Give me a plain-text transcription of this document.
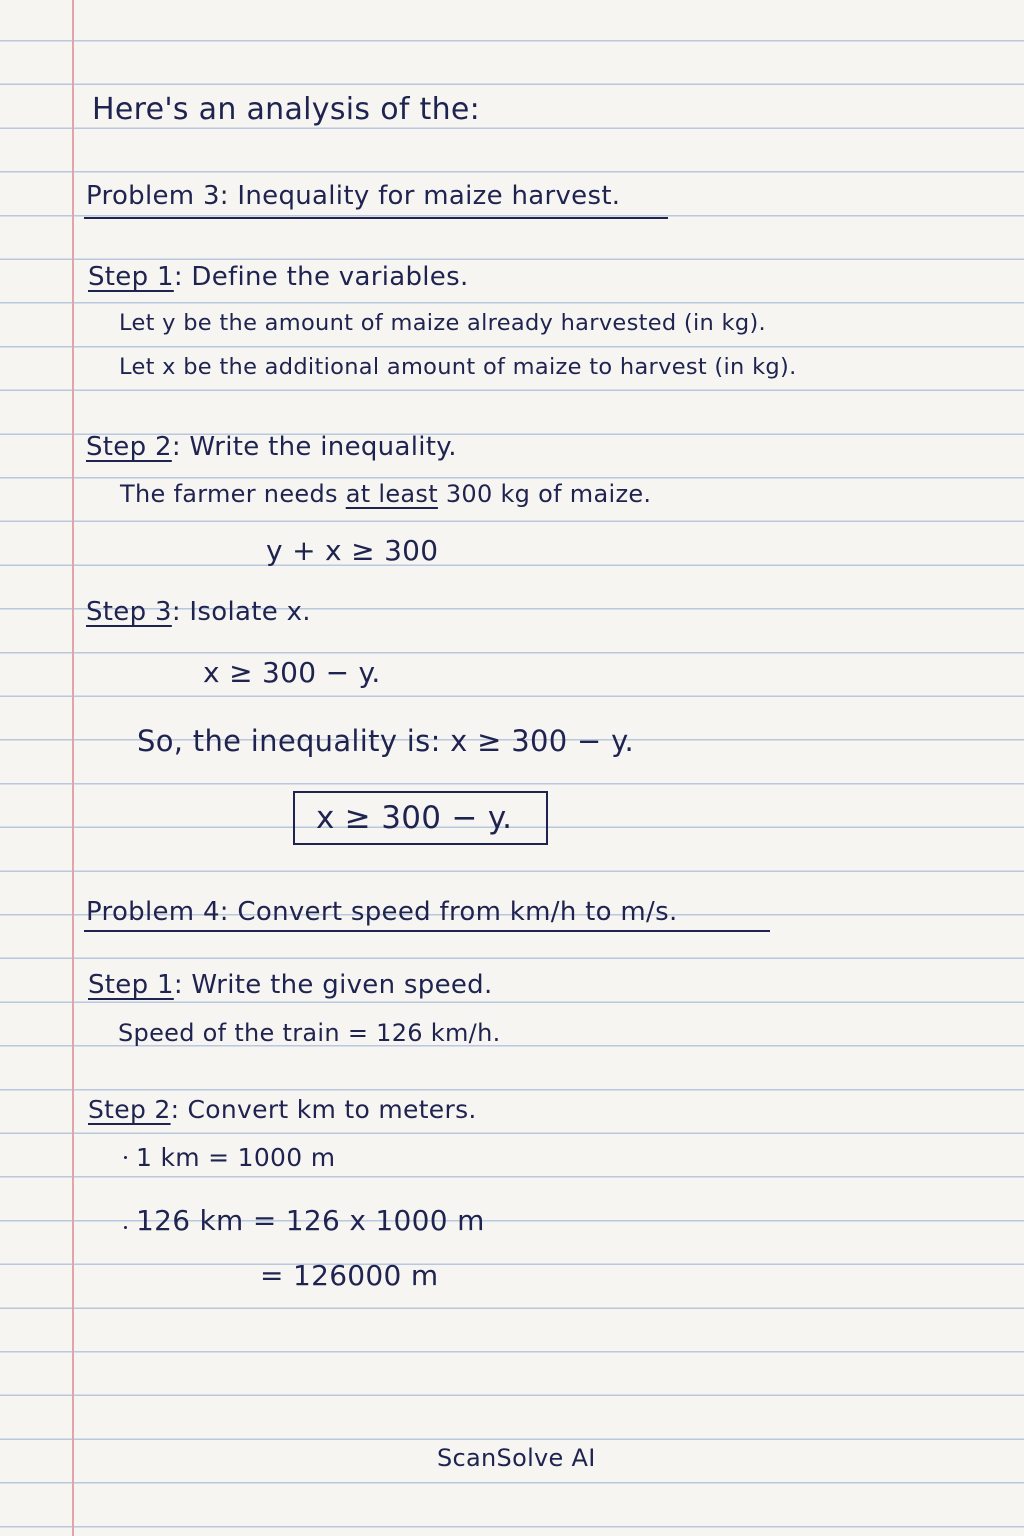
Here's an analysis of the:
Problem 3: Inequality for maize harvest.
Step 1: Define the variables.
Let y be the amount of maize already harvested (in kg).
Let x be the additional amount of maize to harvest (in kg).
Step 2: Write the inequality.
The farmer needs at least 300 kg of maize.
y + x ≥ 300
Step 3: Isolate x.
x ≥ 300 − y.
So, the inequality is: x ≥ 300 − y.
x ≥ 300 − y.
Problem 4: Convert speed from km/h to m/s.
Step 1: Write the given speed.
Speed of the train = 126 km/h.
Step 2: Convert km to meters.
1 km = 1000 m
126 km = 126 x 1000 m
= 126000 m
ScanSolve AI
